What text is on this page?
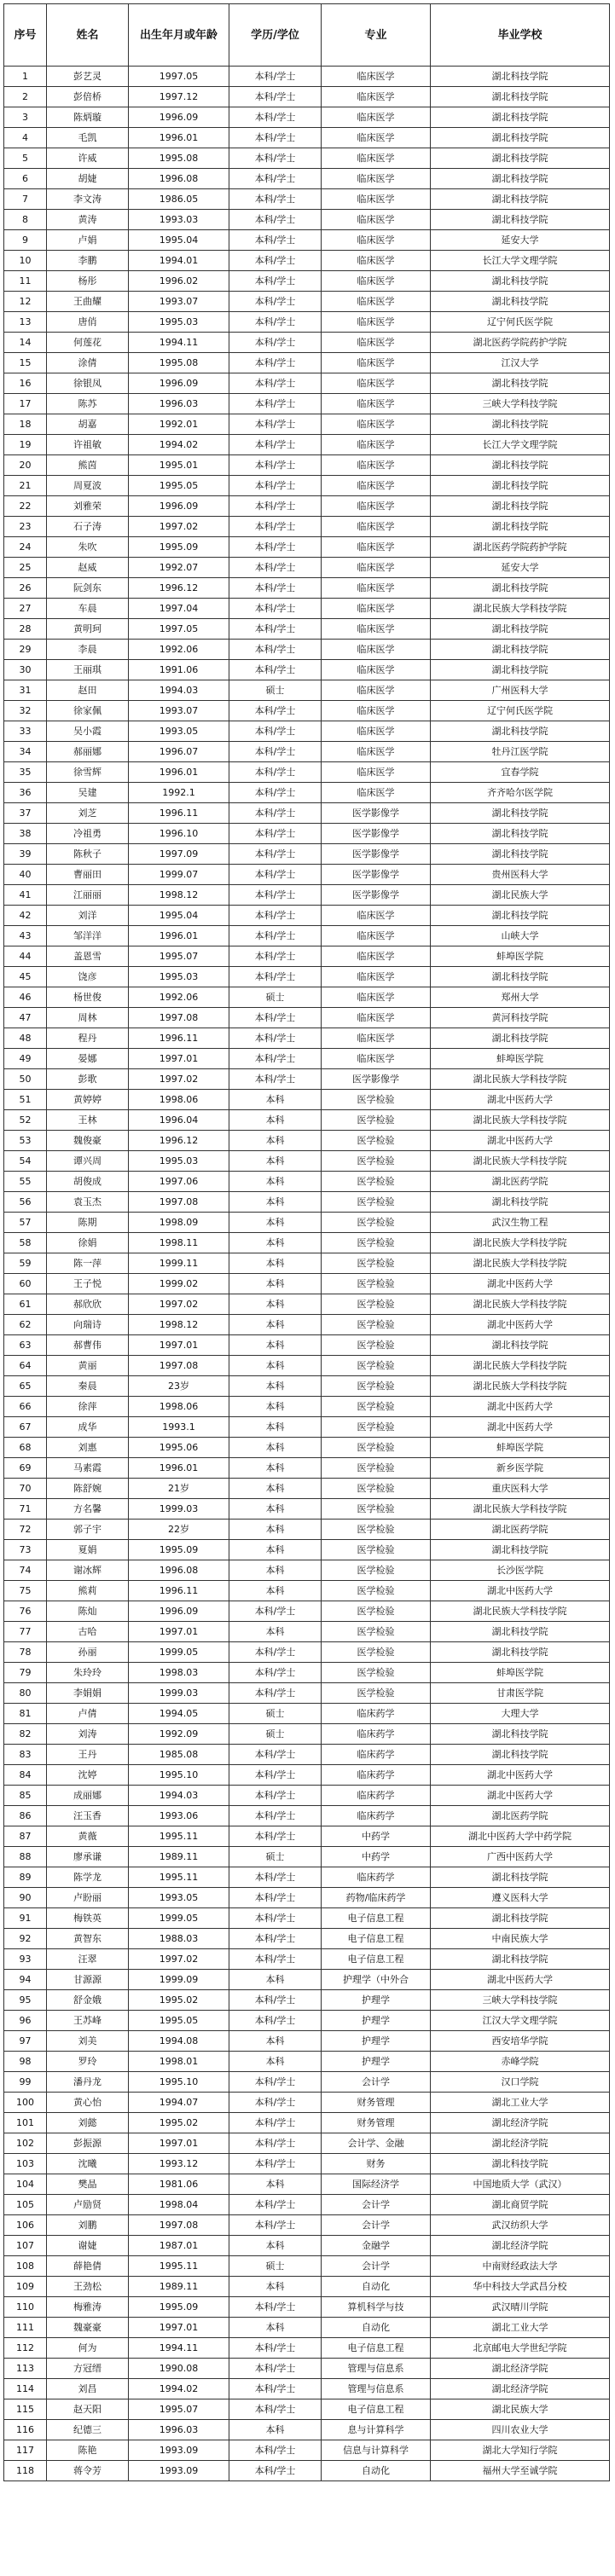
序号	姓名	出生年月或年龄	学历/学位	专业	毕业学校
1	彭艺灵	1997.05	本科/学士	临床医学	湖北科技学院
2	彭倍桥	1997.12	本科/学士	临床医学	湖北科技学院
3	陈炳璇	1996.09	本科/学士	临床医学	湖北科技学院
4	毛凯	1996.01	本科/学士	临床医学	湖北科技学院
5	许威	1995.08	本科/学士	临床医学	湖北科技学院
6	胡婕	1996.08	本科/学士	临床医学	湖北科技学院
7	李文涛	1986.05	本科/学士	临床医学	湖北科技学院
8	黄涛	1993.03	本科/学士	临床医学	湖北科技学院
9	卢娟	1995.04	本科/学士	临床医学	延安大学
10	李鹏	1994.01	本科/学士	临床医学	长江大学文理学院
11	杨彤	1996.02	本科/学士	临床医学	湖北科技学院
12	王曲耀	1993.07	本科/学士	临床医学	湖北科技学院
13	唐俏	1995.03	本科/学士	临床医学	辽宁何氏医学院
14	何莲花	1994.11	本科/学士	临床医学	湖北医药学院药护学院
15	涂倩	1995.08	本科/学士	临床医学	江汉大学
16	徐银凤	1996.09	本科/学士	临床医学	湖北科技学院
17	陈苏	1996.03	本科/学士	临床医学	三峡大学科技学院
18	胡嘉	1992.01	本科/学士	临床医学	湖北科技学院
19	许祖敏	1994.02	本科/学士	临床医学	长江大学文理学院
20	熊茵	1995.01	本科/学士	临床医学	湖北科技学院
21	周夏波	1995.05	本科/学士	临床医学	湖北科技学院
22	刘雅荣	1996.09	本科/学士	临床医学	湖北科技学院
23	石子涛	1997.02	本科/学士	临床医学	湖北科技学院
24	朱吹	1995.09	本科/学士	临床医学	湖北医药学院药护学院
25	赵威	1992.07	本科/学士	临床医学	延安大学
26	阮剑东	1996.12	本科/学士	临床医学	湖北科技学院
27	车晨	1997.04	本科/学士	临床医学	湖北民族大学科技学院
28	黄明珂	1997.05	本科/学士	临床医学	湖北科技学院
29	李晨	1992.06	本科/学士	临床医学	湖北科技学院
30	王丽琪	1991.06	本科/学士	临床医学	湖北科技学院
31	赵田	1994.03	硕士	临床医学	广州医科大学
32	徐家佩	1993.07	本科/学士	临床医学	辽宁何氏医学院
33	吴小霞	1993.05	本科/学士	临床医学	湖北科技学院
34	郝丽娜	1996.07	本科/学士	临床医学	牡丹江医学院
35	徐雪辉	1996.01	本科/学士	临床医学	宜春学院
36	吴建	1992.1	本科/学士	临床医学	齐齐哈尔医学院
37	刘芝	1996.11	本科/学士	医学影像学	湖北科技学院
38	冷祖勇	1996.10	本科/学士	医学影像学	湖北科技学院
39	陈秋子	1997.09	本科/学士	医学影像学	湖北科技学院
40	曹丽田	1999.07	本科/学士	医学影像学	贵州医科大学
41	江丽丽	1998.12	本科/学士	医学影像学	湖北民族大学
42	刘洋	1995.04	本科/学士	临床医学	湖北科技学院
43	邹洋洋	1996.01	本科/学士	临床医学	山峡大学
44	盖恩雪	1995.07	本科/学士	临床医学	蚌埠医学院
45	饶彦	1995.03	本科/学士	临床医学	湖北科技学院
46	杨世俊	1992.06	硕士	临床医学	郑州大学
47	周林	1997.08	本科/学士	临床医学	黄河科技学院
48	程丹	1996.11	本科/学士	临床医学	湖北科技学院
49	晏娜	1997.01	本科/学士	临床医学	蚌埠医学院
50	彭歌	1997.02	本科/学士	医学影像学	湖北民族大学科技学院
51	黄婷婷	1998.06	本科	医学检验	湖北中医药大学
52	王林	1996.04	本科	医学检验	湖北民族大学科技学院
53	魏俊豪	1996.12	本科	医学检验	湖北中医药大学
54	谭兴周	1995.03	本科	医学检验	湖北民族大学科技学院
55	胡俊成	1997.06	本科	医学检验	湖北医药学院
56	袁玉杰	1997.08	本科	医学检验	湖北科技学院
57	陈期	1998.09	本科	医学检验	武汉生物工程
58	徐娟	1998.11	本科	医学检验	湖北民族大学科技学院
59	陈一萍	1999.11	本科	医学检验	湖北民族大学科技学院
60	王子悦	1999.02	本科	医学检验	湖北中医药大学
61	郝欣欣	1997.02	本科	医学检验	湖北民族大学科技学院
62	向瑞诗	1998.12	本科	医学检验	湖北中医药大学
63	郝曹伟	1997.01	本科	医学检验	湖北科技学院
64	黄丽	1997.08	本科	医学检验	湖北民族大学科技学院
65	秦晨	23岁	本科	医学检验	湖北民族大学科技学院
66	徐萍	1998.06	本科	医学检验	湖北中医药大学
67	成华	1993.1	本科	医学检验	湖北中医药大学
68	刘惠	1995.06	本科	医学检验	蚌埠医学院
69	马素霞	1996.01	本科	医学检验	新乡医学院
70	陈舒婉	21岁	本科	医学检验	重庆医科大学
71	方名馨	1999.03	本科	医学检验	湖北民族大学科技学院
72	郭子宇	22岁	本科	医学检验	湖北医药学院
73	夏娟	1995.09	本科	医学检验	湖北科技学院
74	谢冰辉	1996.08	本科	医学检验	长沙医学院
75	熊莉	1996.11	本科	医学检验	湖北中医药大学
76	陈灿	1996.09	本科/学士	医学检验	湖北民族大学科技学院
77	古哈	1997.01	本科	医学检验	湖北科技学院
78	孙丽	1999.05	本科/学士	医学检验	湖北科技学院
79	朱玲玲	1998.03	本科/学士	医学检验	蚌埠医学院
80	李娟娟	1999.03	本科/学士	医学检验	甘肃医学院
81	卢倩	1994.05	硕士	临床药学	大理大学
82	刘涛	1992.09	硕士	临床药学	湖北科技学院
83	王丹	1985.08	本科/学士	临床药学	湖北科技学院
84	沈婷	1995.10	本科/学士	临床药学	湖北中医药大学
85	成丽娜	1994.03	本科/学士	临床药学	湖北中医药大学
86	汪玉香	1993.06	本科/学士	临床药学	湖北医药学院
87	黄薇	1995.11	本科/学士	中药学	湖北中医药大学中药学院
88	廖承谦	1989.11	硕士	中药学	广西中医药大学
89	陈学龙	1995.11	本科/学士	临床药学	湖北科技学院
90	卢盼丽	1993.05	本科/学士	药物/临床药学	遵义医科大学
91	梅铁英	1999.05	本科/学士	电子信息工程	湖北科技学院
92	黄智东	1988.03	本科/学士	电子信息工程	中南民族大学
93	汪翠	1997.02	本科/学士	电子信息工程	湖北科技学院
94	甘源源	1999.09	本科	护理学（中外合	湖北中医药大学
95	舒金娥	1995.02	本科/学士	护理学	三峡大学科技学院
96	王苏峰	1995.05	本科/学士	护理学	江汉大学文理学院
97	刘美	1994.08	本科	护理学	西安培华学院
98	罗玲	1998.01	本科	护理学	赤峰学院
99	潘丹龙	1995.10	本科/学士	会计学	汉口学院
100	黄心怡	1994.07	本科/学士	财务管理	湖北工业大学
101	刘懿	1995.02	本科/学士	财务管理	湖北经济学院
102	彭振源	1997.01	本科/学士	会计学、金融	湖北经济学院
103	沈曦	1993.12	本科/学士	财务	湖北科技学院
104	樊晶	1981.06	本科	国际经济学	中国地质大学（武汉）
105	卢励贤	1998.04	本科/学士	会计学	湖北商贸学院
106	刘鹏	1997.08	本科/学士	会计学	武汉纺织大学
107	谢婕	1987.01	本科	金融学	湖北经济学院
108	薛艳倩	1995.11	硕士	会计学	中南财经政法大学
109	王劲松	1989.11	本科	自动化	华中科技大学武昌分校
110	梅雅涛	1995.09	本科/学士	算机科学与技	武汉晴川学院
111	魏豪豪	1997.01	本科	自动化	湖北工业大学
112	何为	1994.11	本科/学士	电子信息工程	北京邮电大学世纪学院
113	方冠缙	1990.08	本科/学士	管理与信息系	湖北经济学院
114	刘昌	1994.02	本科/学士	管理与信息系	湖北经济学院
115	赵天阳	1995.07	本科/学士	电子信息工程	湖北民族大学
116	纪德三	1996.03	本科	息与计算科学	四川农业大学
117	陈艳	1993.09	本科/学士	信息与计算科学	湖北大学知行学院
118	蒋令芳	1993.09	本科/学士	自动化	福州大学至诚学院
